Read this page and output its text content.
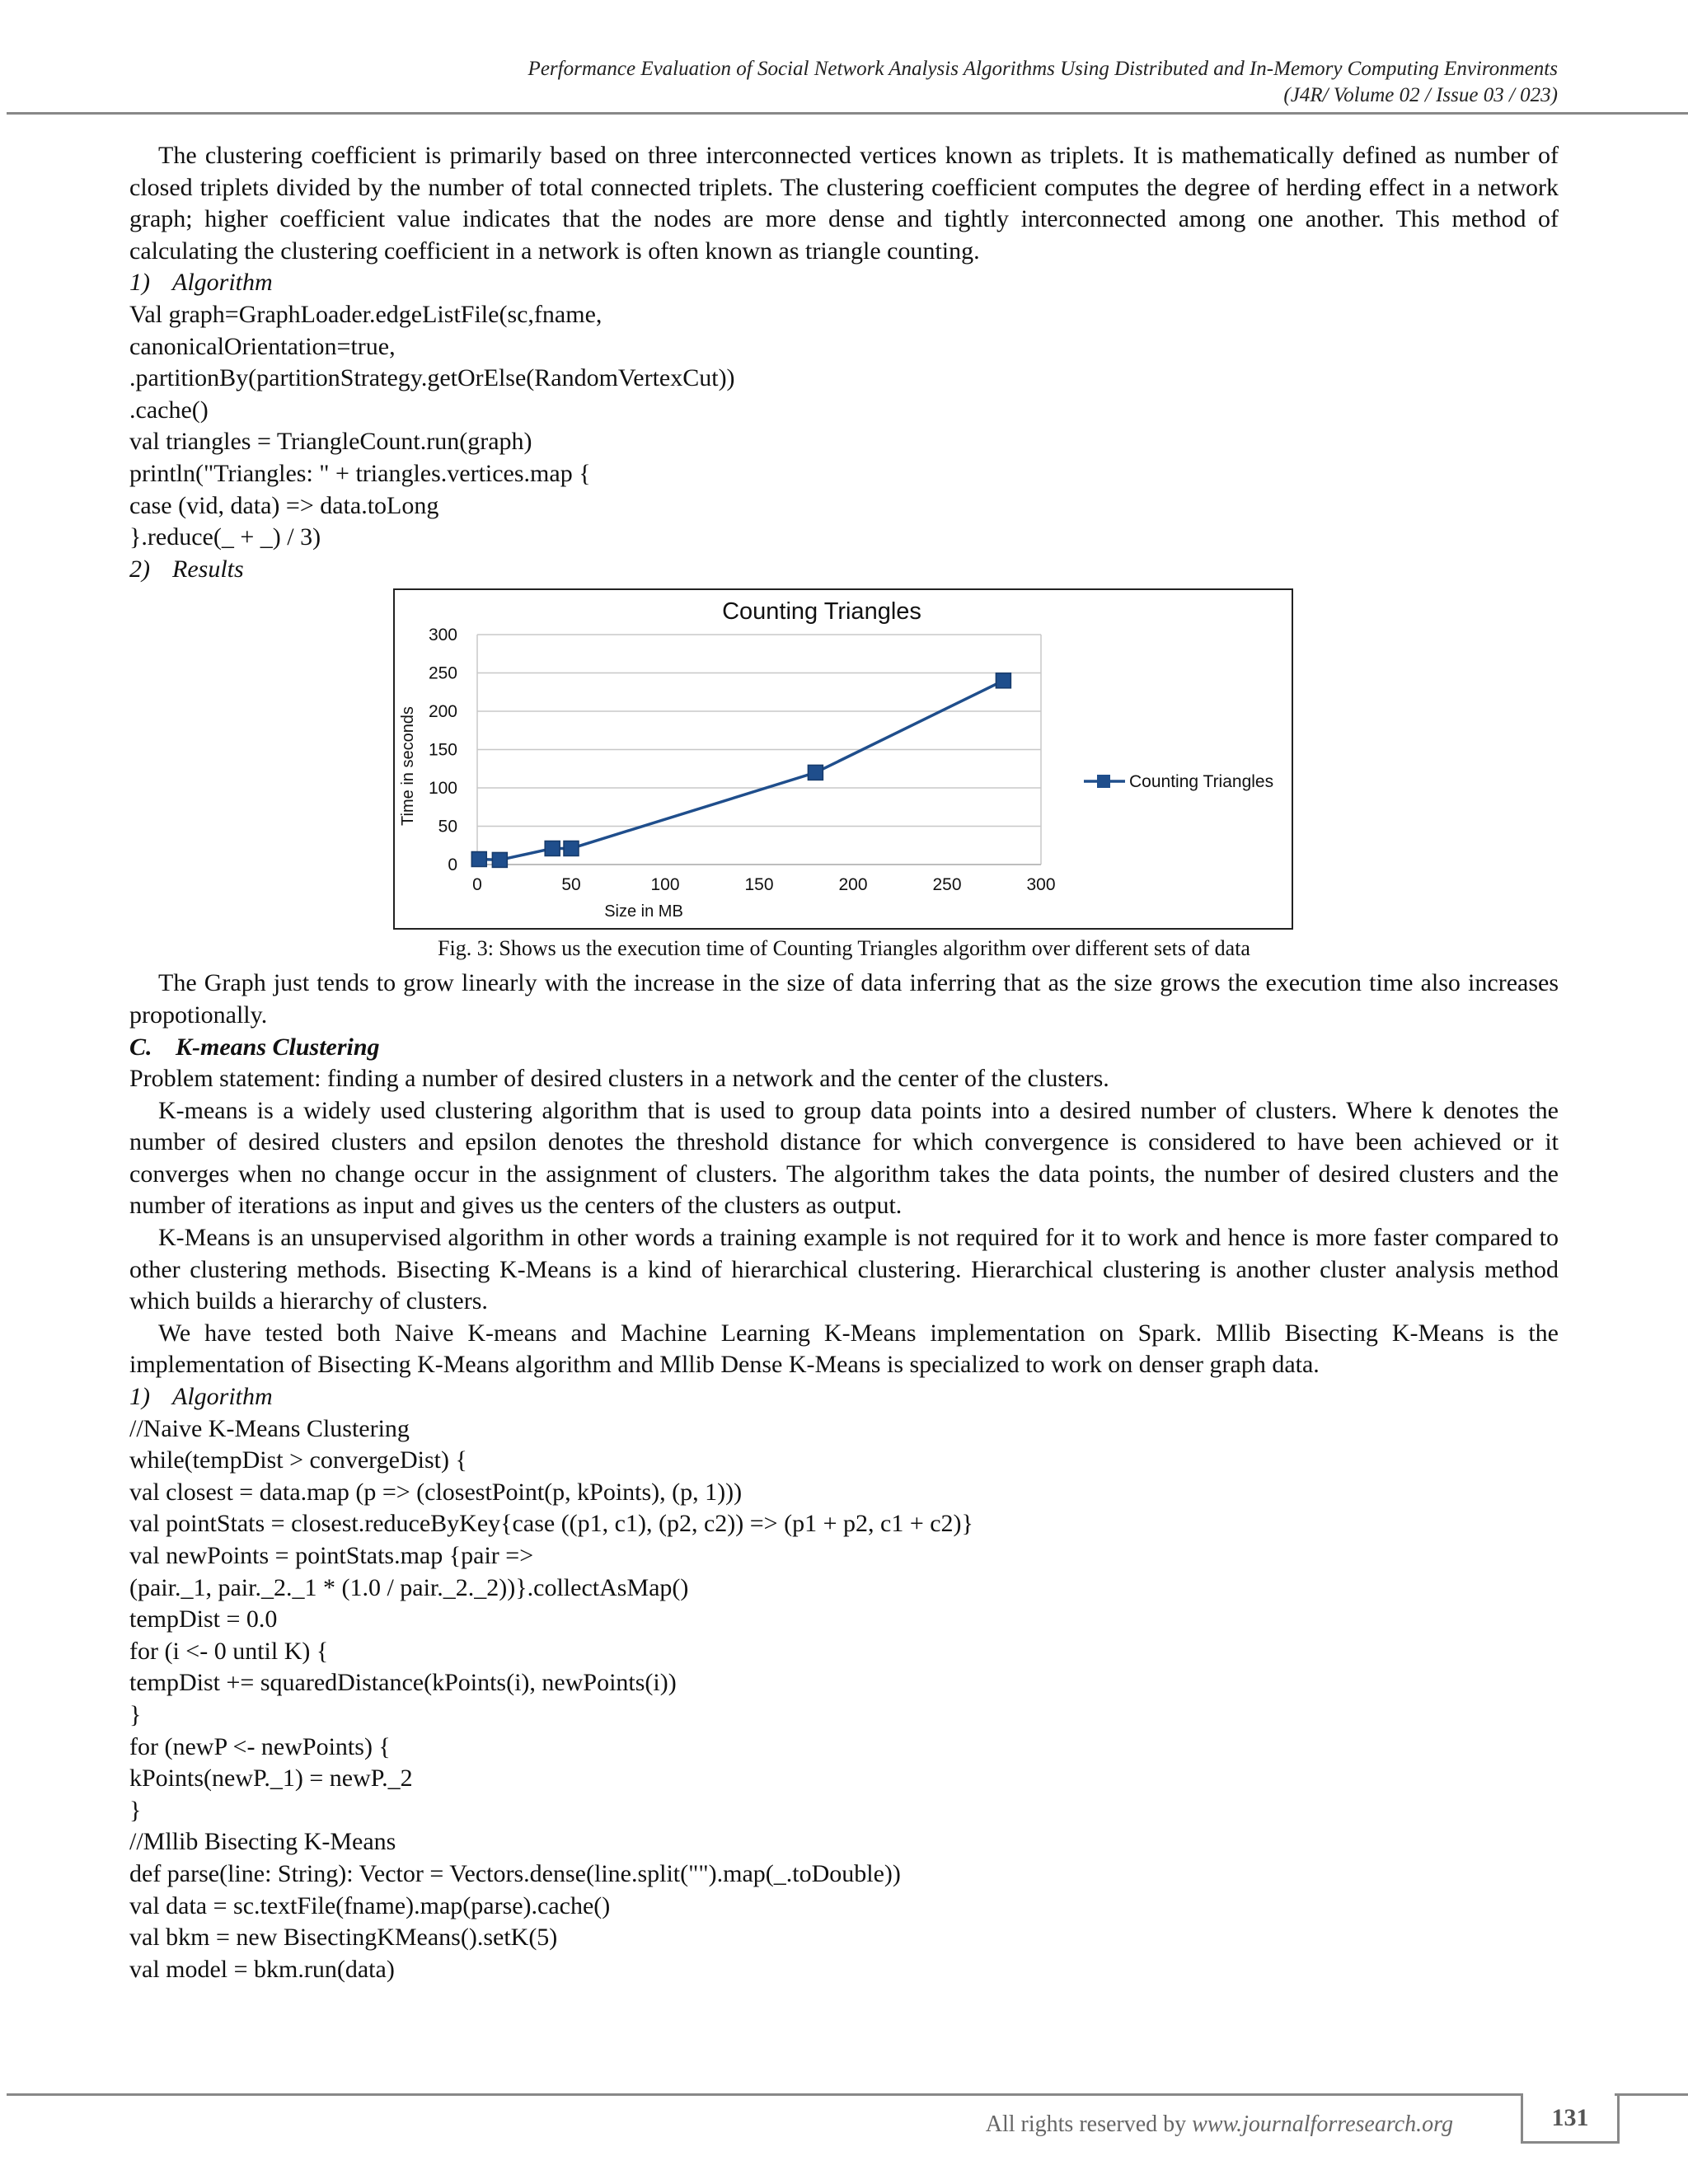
Performance Evaluation of Social Network Analysis Algorithms Using Distributed and In-Memory Computing Environments
(J4R/ Volume 02 / Issue 03 / 023)

The clustering coefficient is primarily based on three interconnected vertices known as triplets. It is mathematically defined as number of closed triplets divided by the number of total connected triplets. The clustering coefficient computes the degree of herding effect in a network graph; higher coefficient value indicates that the nodes are more dense and tightly interconnected among one another. This method of calculating the clustering coefficient in a network is often known as triangle counting.

1) Algorithm

Val graph=GraphLoader.edgeListFile(sc,fname,
canonicalOrientation=true,
.partitionBy(partitionStrategy.getOrElse(RandomVertexCut))
.cache()
val triangles = TriangleCount.run(graph)
println("Triangles: " + triangles.vertices.map {
case (vid, data) => data.toLong
}.reduce(_ + _) / 3)

2) Results

0
50
100
150
200
250
300
0	50	100	150	200	250	300
Counting Triangles
Size in MB
Time in seconds	Counting Triangles
Fig. 3: Shows us the execution time of Counting Triangles algorithm over different sets of data

The Graph just tends to grow linearly with the increase in the size of data inferring that as the size grows the execution time also increases propotionally.

C. K-means Clustering

Problem statement: finding a number of desired clusters in a network and the center of the clusters.

K-means is a widely used clustering algorithm that is used to group data points into a desired number of clusters. Where k denotes the number of desired clusters and epsilon denotes the threshold distance for which convergence is considered to have been achieved or it converges when no change occur in the assignment of clusters. The algorithm takes the data points, the number of desired clusters and the number of iterations as input and gives us the centers of the clusters as output.

K-Means is an unsupervised algorithm in other words a training example is not required for it to work and hence is more faster compared to other clustering methods. Bisecting K-Means is a kind of hierarchical clustering. Hierarchical clustering is another cluster analysis method which builds a hierarchy of clusters.

We have tested both Naive K-means and Machine Learning K-Means implementation on Spark. Mllib Bisecting K-Means is the implementation of Bisecting K-Means algorithm and Mllib Dense K-Means is specialized to work on denser graph data.

1) Algorithm

//Naive K-Means Clustering
while(tempDist > convergeDist) {
val closest = data.map (p => (closestPoint(p, kPoints), (p, 1)))
val pointStats = closest.reduceByKey{case ((p1, c1), (p2, c2)) => (p1 + p2, c1 + c2)}
val newPoints = pointStats.map {pair =>
(pair._1, pair._2._1 * (1.0 / pair._2._2))}.collectAsMap()
tempDist = 0.0
for (i <- 0 until K) {
tempDist += squaredDistance(kPoints(i), newPoints(i))
}
for (newP <- newPoints) {
kPoints(newP._1) = newP._2
}
//Mllib Bisecting K-Means
def parse(line: String): Vector = Vectors.dense(line.split("").map(_.toDouble))
val data = sc.textFile(fname).map(parse).cache()
val bkm = new BisectingKMeans().setK(5)
val model = bkm.run(data)
All rights reserved by www.journalforresearch.org	131
